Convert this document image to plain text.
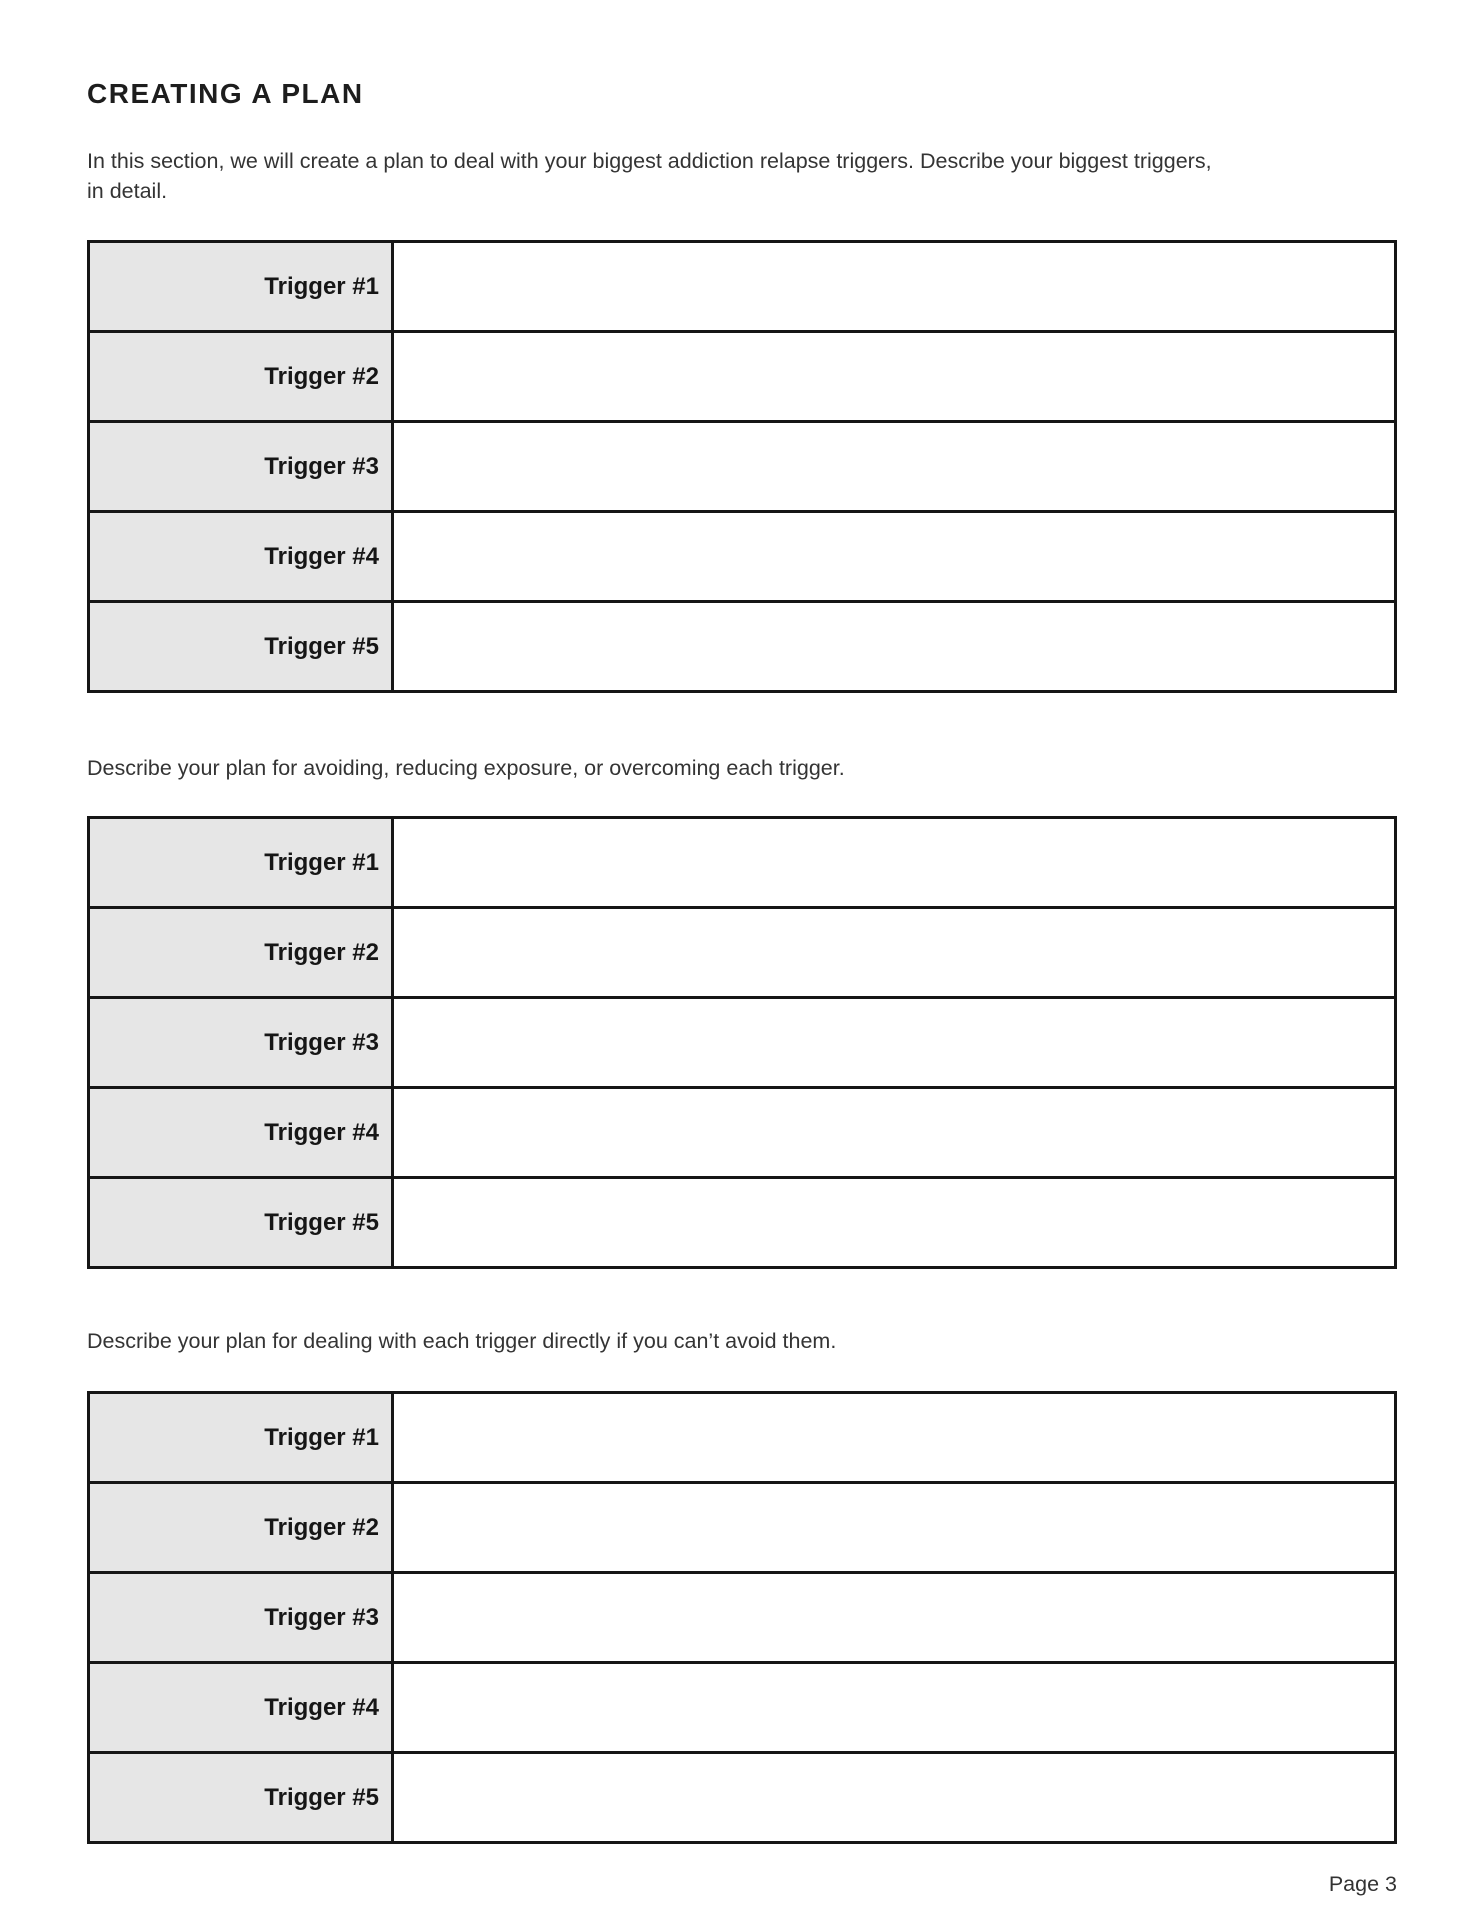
CREATING A PLAN

In this section, we will create a plan to deal with your biggest addiction relapse triggers. Describe your biggest triggers,
in detail.

Trigger #1	
Trigger #2	
Trigger #3	
Trigger #4	
Trigger #5	

Describe your plan for avoiding, reducing exposure, or overcoming each trigger.

Trigger #1	
Trigger #2	
Trigger #3	
Trigger #4	
Trigger #5	

Describe your plan for dealing with each trigger directly if you can’t avoid them.

Trigger #1	
Trigger #2	
Trigger #3	
Trigger #4	
Trigger #5	
Page 3
